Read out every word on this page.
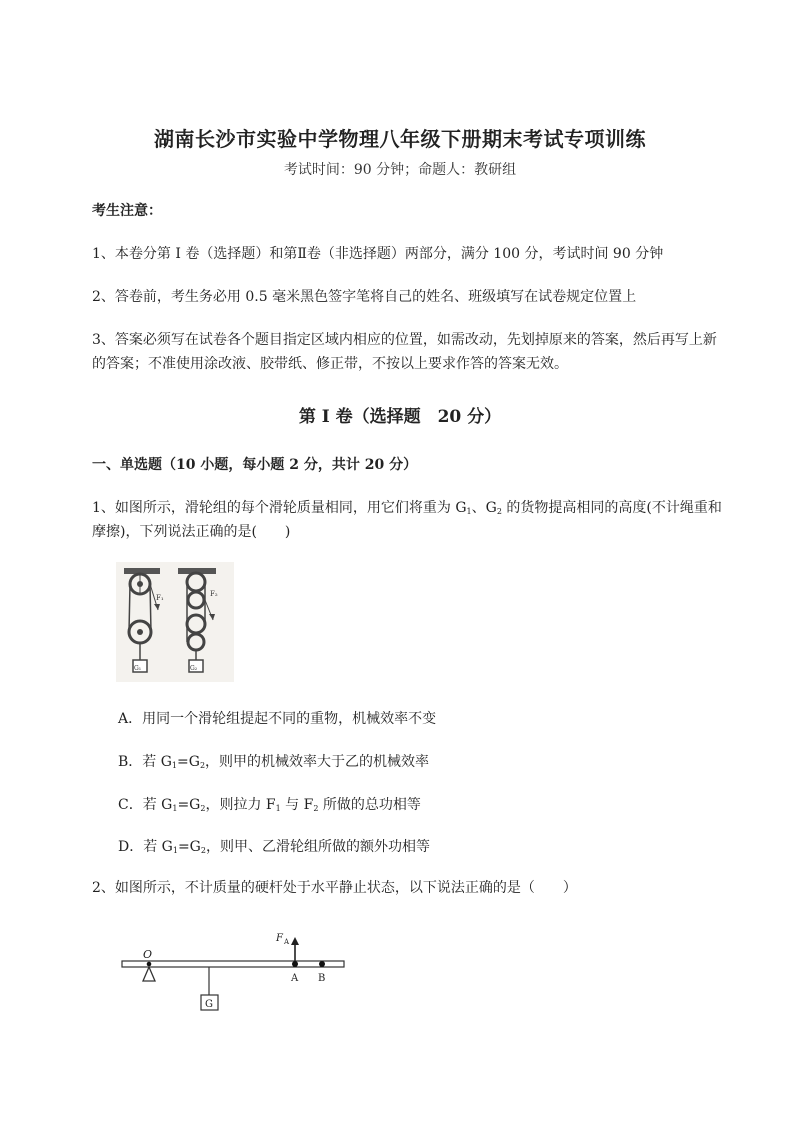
湖南长沙市实验中学物理八年级下册期末考试专项训练
考试时间：90 分钟；命题人：教研组
考生注意：
1、本卷分第 I 卷（选择题）和第Ⅱ卷（非选择题）两部分，满分 100 分，考试时间 90 分钟
2、答卷前，考生务必用 0.5 毫米黑色签字笔将自己的姓名、班级填写在试卷规定位置上
3、答案必须写在试卷各个题目指定区域内相应的位置，如需改动，先划掉原来的答案，然后再写上新
的答案；不准使用涂改液、胶带纸、修正带，不按以上要求作答的答案无效。
第 I 卷（选择题　20 分）
一、单选题（10 小题，每小题 2 分，共计 20 分）
1、如图所示，滑轮组的每个滑轮质量相同，用它们将重为 $G_1$、$G_2$ 的货物提高相同的高度(不计绳重和
摩擦)，下列说法正确的是(　　)
F₁
G₁
F₂
G₂
A．用同一个滑轮组提起不同的重物，机械效率不变
B．若 $G_1=G_2$，则甲的机械效率大于乙的机械效率
C．若 $G_1=G_2$，则拉力 $F_1$ 与 $F_2$ 所做的总功相等
D．若 $G_1=G_2$，则甲、乙滑轮组所做的额外功相等
2、如图所示，不计质量的硬杆处于水平静止状态，以下说法正确的是（　　）
O
G
F A
A B
